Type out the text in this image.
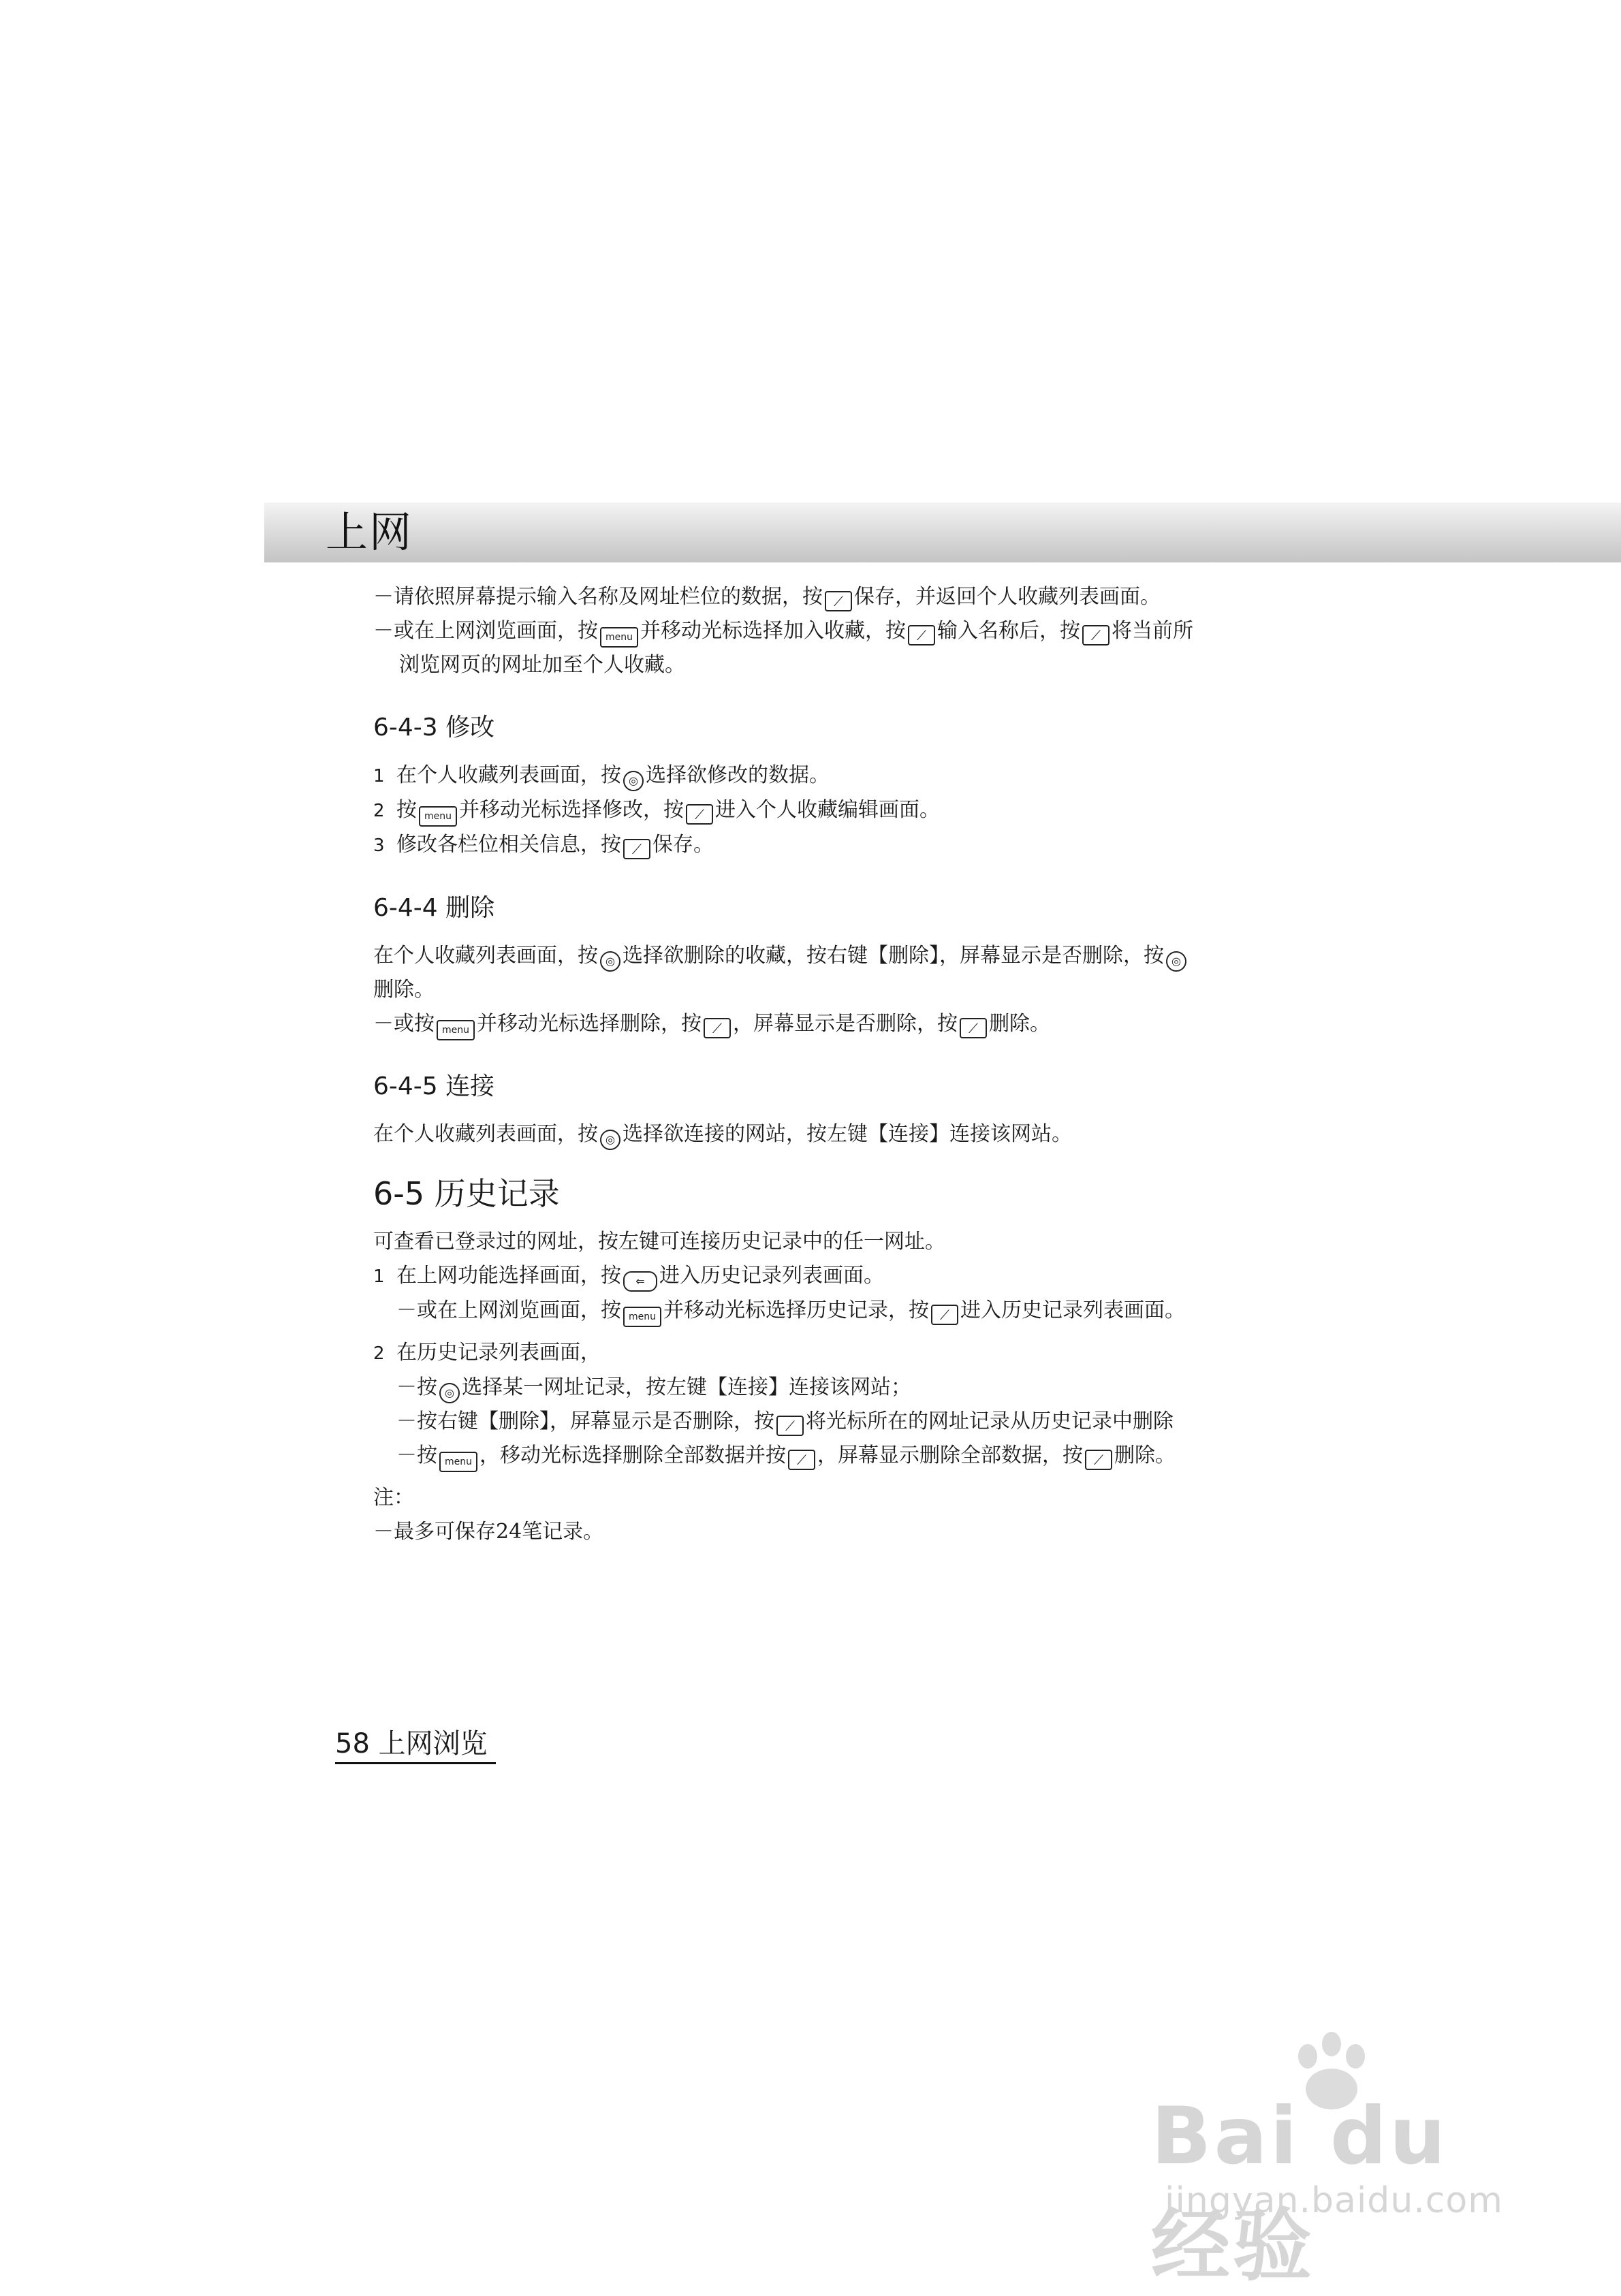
上网
－请依照屏幕提示输入名称及网址栏位的数据，按 ⟋ 保存，并返回个人收藏列表画面。
－或在上网浏览画面，按 menu 并移动光标选择加入收藏，按 ⟋ 输入名称后，按 ⟋ 将当前所
浏览网页的网址加至个人收藏。
6-4-3 修改
1 在个人收藏列表画面，按 ◎ 选择欲修改的数据。
2 按 menu 并移动光标选择修改，按 ⟋ 进入个人收藏编辑画面。
3 修改各栏位相关信息，按 ⟋ 保存。
6-4-4 删除
在个人收藏列表画面，按 ◎ 选择欲删除的收藏，按右键【删除】，屏幕显示是否删除，按 ◎
删除。
－或按 menu 并移动光标选择删除，按 ⟋ ，屏幕显示是否删除，按 ⟋ 删除。
6-4-5 连接
在个人收藏列表画面，按 ◎ 选择欲连接的网站，按左键【连接】连接该网站。
6-5 历史记录
可查看已登录过的网址，按左键可连接历史记录中的任一网址。
1 在上网功能选择画面，按 ⇐ 进入历史记录列表画面。
－或在上网浏览画面，按 menu 并移动光标选择历史记录，按 ⟋ 进入历史记录列表画面。
2 在历史记录列表画面，
－按 ◎ 选择某一网址记录，按左键【连接】连接该网站；
－按右键【删除】，屏幕显示是否删除，按 ⟋ 将光标所在的网址记录从历史记录中删除
－按 menu ，移动光标选择删除全部数据并按 ⟋ ，屏幕显示删除全部数据，按 ⟋ 删除。
注：
－最多可保存24笔记录。
58 上网浏览
Bai du 经验
jingyan.baidu.com
